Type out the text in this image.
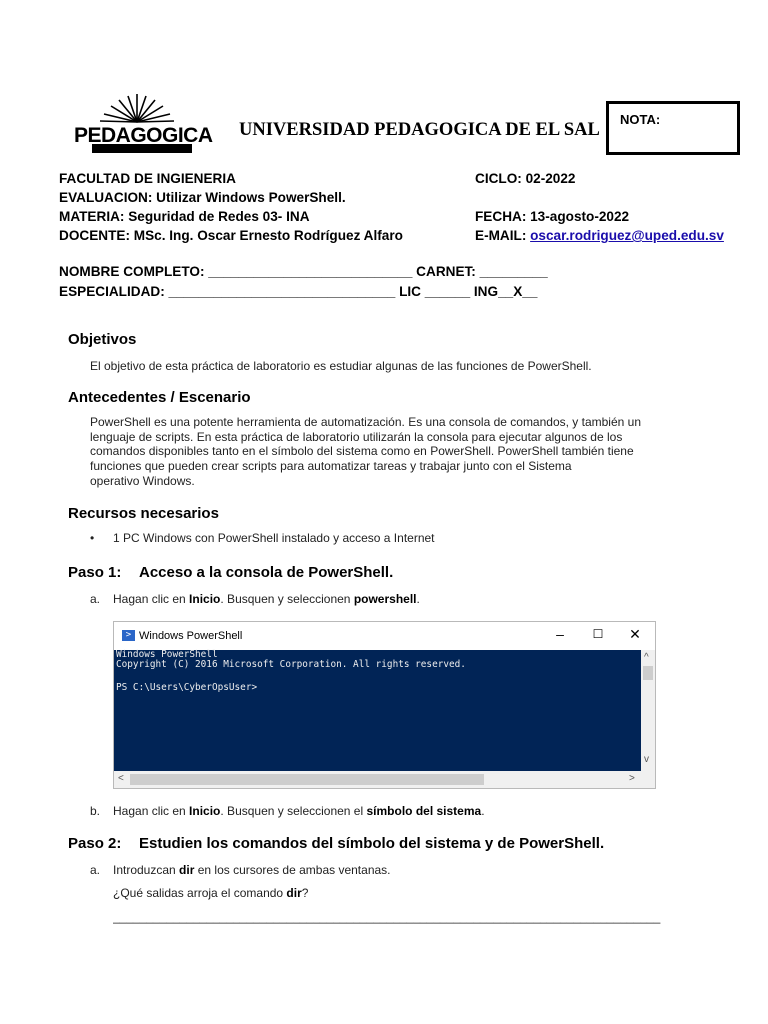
PEDAGOGICA
ILUMINA Y LIBERA
UNIVERSIDAD PEDAGOGICA DE EL SAL
NOTA:
FACULTAD DE INGIENERIA
EVALUACION: Utilizar Windows PowerShell.
MATERIA: Seguridad de Redes 03- INA
DOCENTE: MSc. Ing. Oscar Ernesto Rodríguez Alfaro
CICLO: 02-2022
FECHA: 13-agosto-2022
E-MAIL: oscar.rodriguez@uped.edu.sv
NOMBRE COMPLETO: ___________________________ CARNET: _________
ESPECIALIDAD: ______________________________ LIC ______ ING__X__
Objetivos
El objetivo de esta práctica de laboratorio es estudiar algunas de las funciones de PowerShell.
Antecedentes / Escenario
PowerShell es una potente herramienta de automatización. Es una consola de comandos, y también un
lenguaje de scripts. En esta práctica de laboratorio utilizarán la consola para ejecutar algunos de los
comandos disponibles tanto en el símbolo del sistema como en PowerShell. PowerShell también tiene
funciones que pueden crear scripts para automatizar tareas y trabajar junto con el Sistema
operativo Windows.
Recursos necesarios
• 1 PC Windows con PowerShell instalado y acceso a Internet
Paso 1: Acceso a la consola de PowerShell.
a. Hagan clic en Inicio. Busquen y seleccionen powershell.
> Windows PowerShell	–	☐	✕
Windows PowerShell
Copyright (C) 2016 Microsoft Corporation. All rights reserved.
PS C:\Users\CyberOpsUser>
^
v
<	>
b. Hagan clic en Inicio. Busquen y seleccionen el símbolo del sistema.
Paso 2: Estudien los comandos del símbolo del sistema y de PowerShell.
a. Introduzcan dir en los cursores de ambas ventanas.
¿Qué salidas arroja el comando dir?
__________________________________________________________________________________
